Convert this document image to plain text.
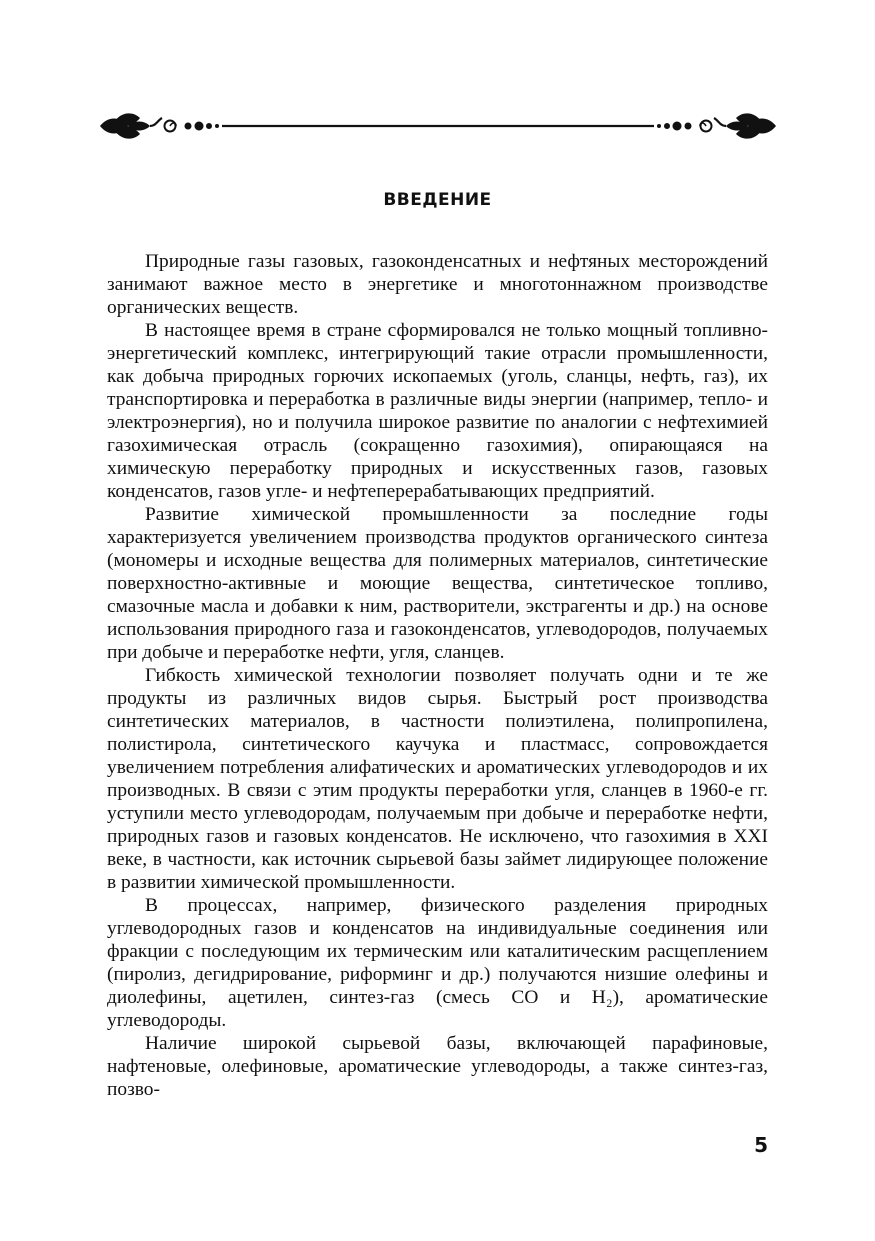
ВВЕДЕНИЕ

Природные газы газовых, газоконденсатных и нефтяных месторождений занимают важное место в энергетике и многотоннажном производстве органических веществ.

В настоящее время в стране сформировался не только мощный топливно-энергетический комплекс, интегрирующий такие отрасли промышленности, как добыча природных горючих ископаемых (уголь, сланцы, нефть, газ), их транспортировка и переработка в различные виды энергии (например, тепло- и электроэнергия), но и получила широкое развитие по аналогии с нефтехимией газохимическая отрасль (сокращенно газохимия), опирающаяся на химическую переработку природных и искусственных газов, газовых конденсатов, газов угле- и нефтеперерабатывающих предприятий.

Развитие химической промышленности за последние годы характеризуется увеличением производства продуктов органического синтеза (мономеры и исходные вещества для полимерных материалов, синтетические поверхностно-активные и моющие вещества, синтетическое топливо, смазочные масла и добавки к ним, растворители, экстрагенты и др.) на основе использования природного газа и газоконденсатов, углеводородов, получаемых при добыче и переработке нефти, угля, сланцев.

Гибкость химической технологии позволяет получать одни и те же продукты из различных видов сырья. Быстрый рост производства синтетических материалов, в частности полиэтилена, полипропилена, полистирола, синтетического каучука и пластмасс, сопровождается увеличением потребления алифатических и ароматических углеводородов и их производных. В связи с этим продукты переработки угля, сланцев в 1960-е гг. уступили место углеводородам, получаемым при добыче и переработке нефти, природных газов и газовых конденсатов. Не исключено, что газохимия в XXI веке, в частности, как источник сырьевой базы займет лидирующее положение в развитии химической промышленности.

В процессах, например, физического разделения природных углеводородных газов и конденсатов на индивидуальные соединения или фракции с последующим их термическим или каталитическим расщеплением (пиролиз, дегидрирование, риформинг и др.) получаются низшие олефины и диолефины, ацетилен, синтез-газ (смесь CO и H₂), ароматические углеводороды.

Наличие широкой сырьевой базы, включающей парафиновые, нафтеновые, олефиновые, ароматические углеводороды, а также синтез-газ, позво-

5
